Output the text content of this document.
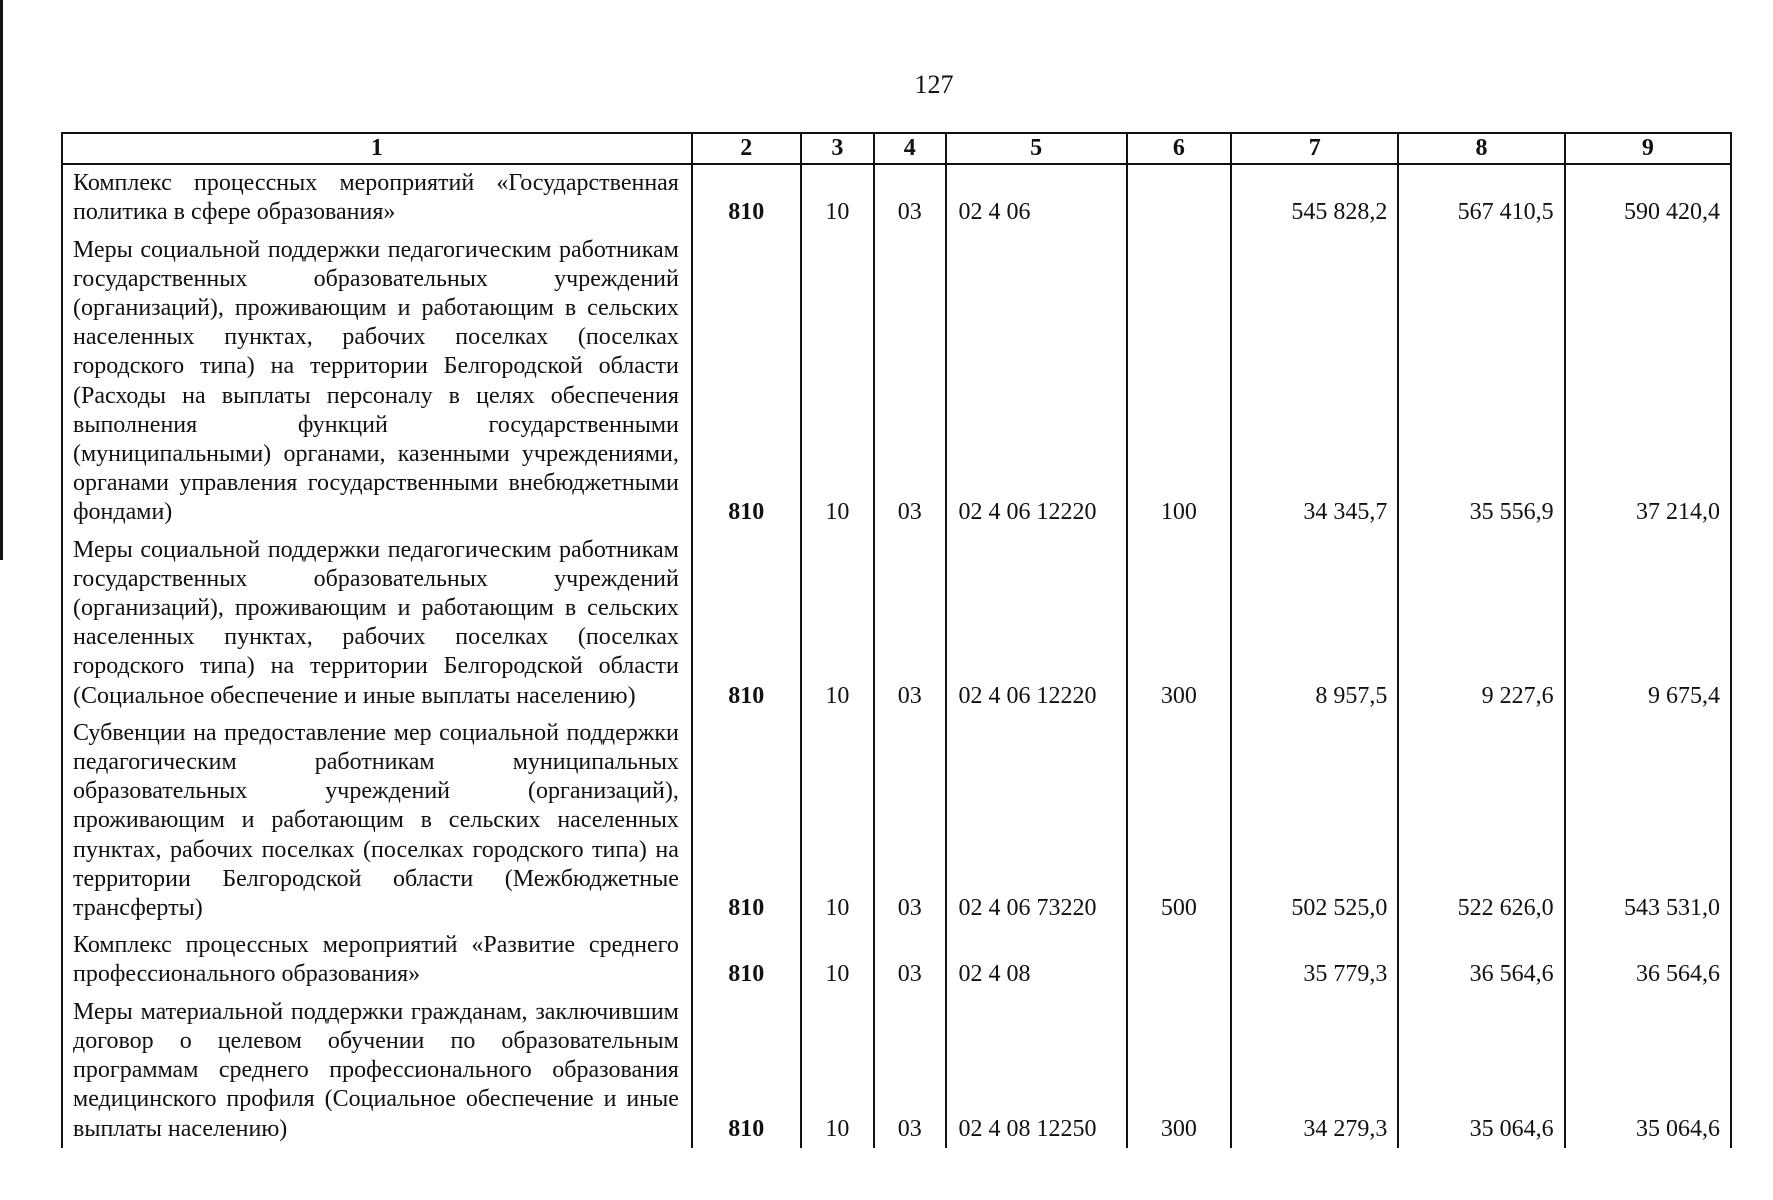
127
1	2	3	4	5	6	7	8	9
Комплекс процессных мероприятий «Государственная политика в сфере образования»	810	10	03	02 4 06		545 828,2	567 410,5	590 420,4
Меры социальной поддержки педагогическим работникам государственных образовательных учреждений (организаций), проживающим и работающим в сельских населенных пунктах, рабочих поселках (поселках городского типа) на территории Белгородской области (Расходы на выплаты персоналу в целях обеспечения выполнения функций государственными (муниципальными) органами, казенными учреждениями, органами управления государственными внебюджетными фондами)	810	10	03	02 4 06 12220	100	34 345,7	35 556,9	37 214,0
Меры социальной поддержки педагогическим работникам государственных образовательных учреждений (организаций), проживающим и работающим в сельских населенных пунктах, рабочих поселках (поселках городского типа) на территории Белгородской области (Социальное обеспечение и иные выплаты населению)	810	10	03	02 4 06 12220	300	8 957,5	9 227,6	9 675,4
Субвенции на предоставление мер социальной поддержки педагогическим работникам муниципальных образовательных учреждений (организаций), проживающим и работающим в сельских населенных пунктах, рабочих поселках (поселках городского типа) на территории Белгородской области (Межбюджетные трансферты)	810	10	03	02 4 06 73220	500	502 525,0	522 626,0	543 531,0
Комплекс процессных мероприятий «Развитие среднего профессионального образования»	810	10	03	02 4 08		35 779,3	36 564,6	36 564,6
Меры материальной поддержки гражданам, заключившим договор о целевом обучении по образовательным программам среднего профессионального образования медицинского профиля (Социальное обеспечение и иные выплаты населению)	810	10	03	02 4 08 12250	300	34 279,3	35 064,6	35 064,6
